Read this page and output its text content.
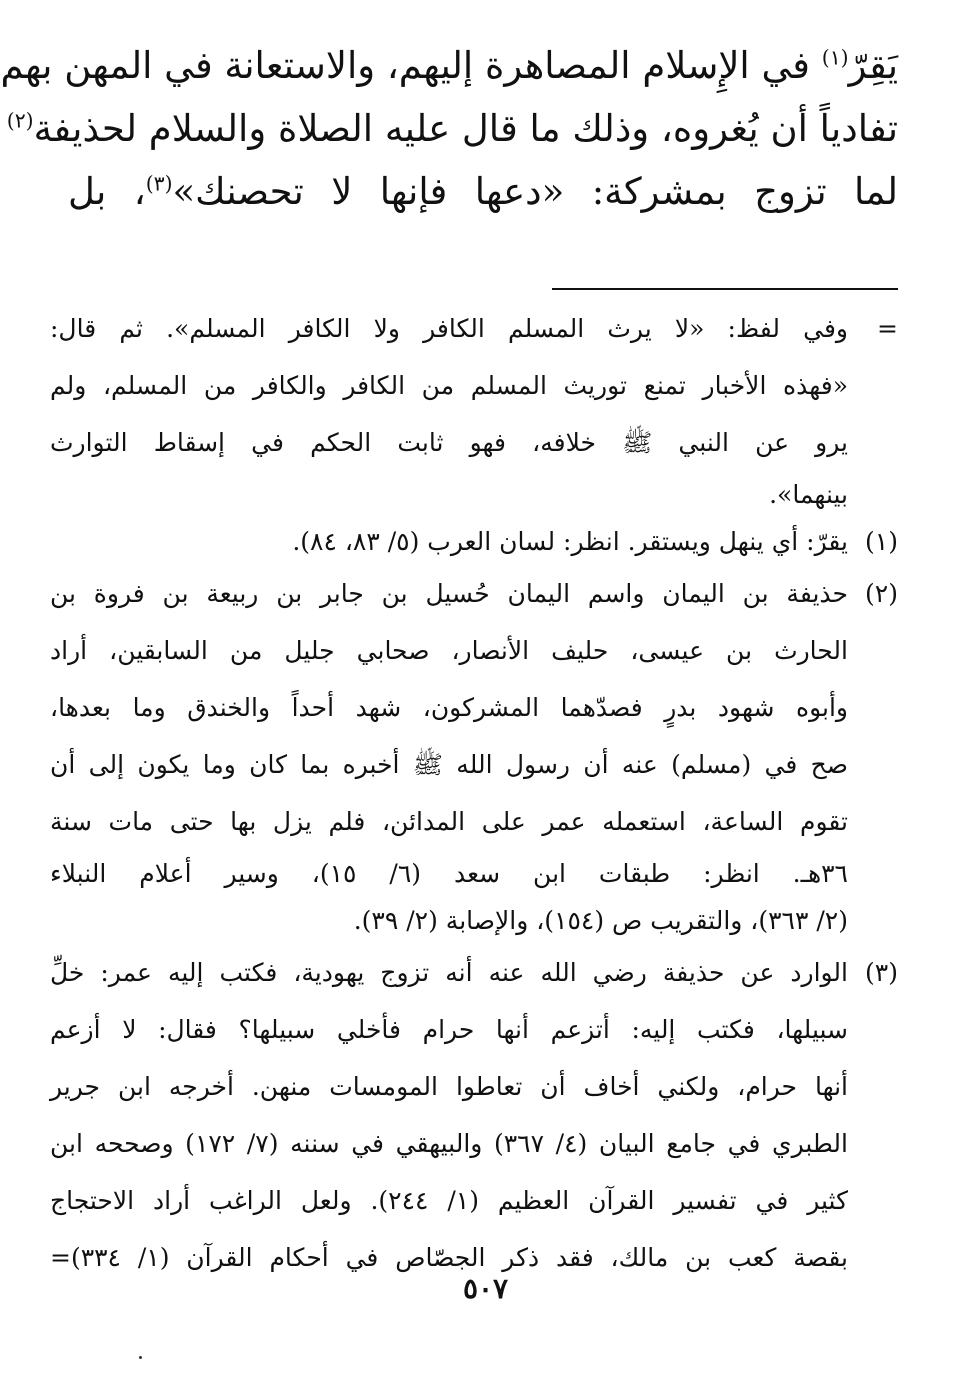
يَقِرّ$^{(١)}$ في الإِسلام المصاهرة إليهم، والاستعانة في المهن بهم
تفادياً أن يُغروه، وذلك ما قال عليه الصلاة والسلام لحذيفة$^{(٢)}$
لما تزوج بمشركة: «دعها فإنها لا تحصنك»$^{(٣)}$، بل
=
وفي لفظ: «لا يرث المسلم الكافر ولا الكافر المسلم». ثم قال:
«فهذه الأخبار تمنع توريث المسلم من الكافر والكافر من المسلم، ولم
يرو عن النبي ﷺ خلافه، فهو ثابت الحكم في إسقاط التوارث
بينهما».
(١)
يقرّ: أي ينهل ويستقر. انظر: لسان العرب (٥/ ٨٣، ٨٤).
(٢)
حذيفة بن اليمان واسم اليمان حُسيل بن جابر بن ربيعة بن فروة بن
الحارث بن عيسى، حليف الأنصار، صحابي جليل من السابقين، أراد
وأبوه شهود بدرٍ فصدّهما المشركون، شهد أحداً والخندق وما بعدها،
صح في (مسلم) عنه أن رسول الله ﷺ أخبره بما كان وما يكون إلى أن
تقوم الساعة، استعمله عمر على المدائن، فلم يزل بها حتى مات سنة
٣٦هـ. انظر: طبقات ابن سعد (٦/ ١٥)، وسير أعلام النبلاء
(٢/ ٣٦٣)، والتقريب ص (١٥٤)، والإصابة (٢/ ٣٩).
(٣)
الوارد عن حذيفة رضي الله عنه أنه تزوج يهودية، فكتب إليه عمر: خلِّ
سبيلها، فكتب إليه: أتزعم أنها حرام فأخلي سبيلها؟ فقال: لا أزعم
أنها حرام، ولكني أخاف أن تعاطوا المومسات منهن. أخرجه ابن جرير
الطبري في جامع البيان (٤/ ٣٦٧) والبيهقي في سننه (٧/ ١٧٢) وصححه ابن
كثير في تفسير القرآن العظيم (١/ ٢٤٤). ولعل الراغب أراد الاحتجاج
بقصة كعب بن مالك، فقد ذكر الجصّاص في أحكام القرآن (١/ ٣٣٤)=
٥٠٧
